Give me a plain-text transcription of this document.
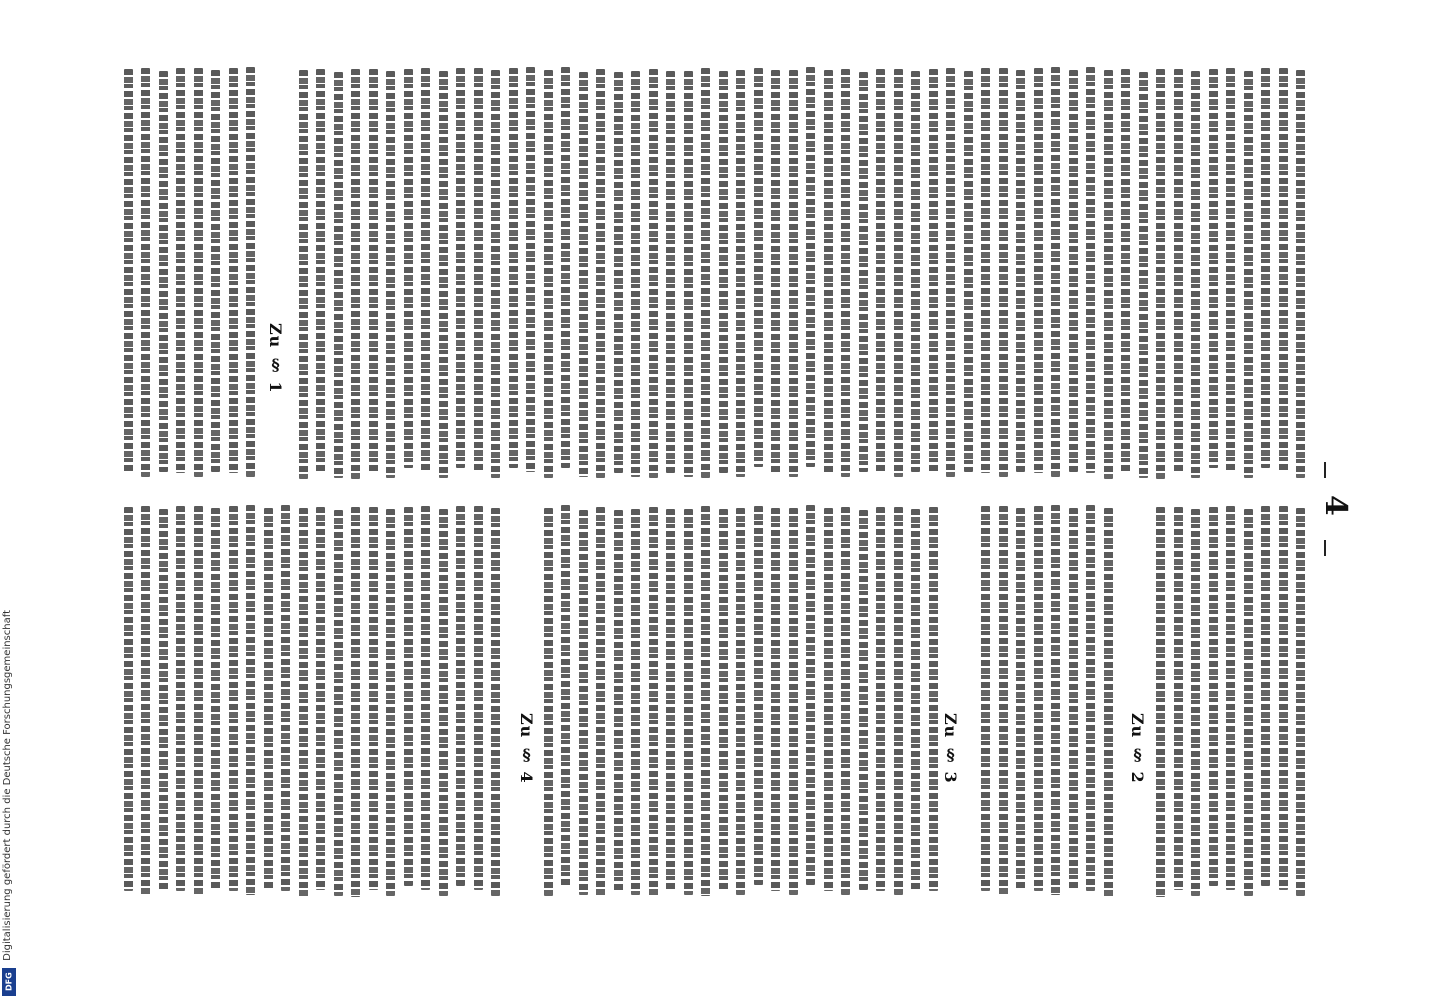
4
Zu § 1
Zu § 2
Zu § 3
Zu § 4
Digitalisierung gefördert durch die Deutsche Forschungsgemeinschaft
DFG
